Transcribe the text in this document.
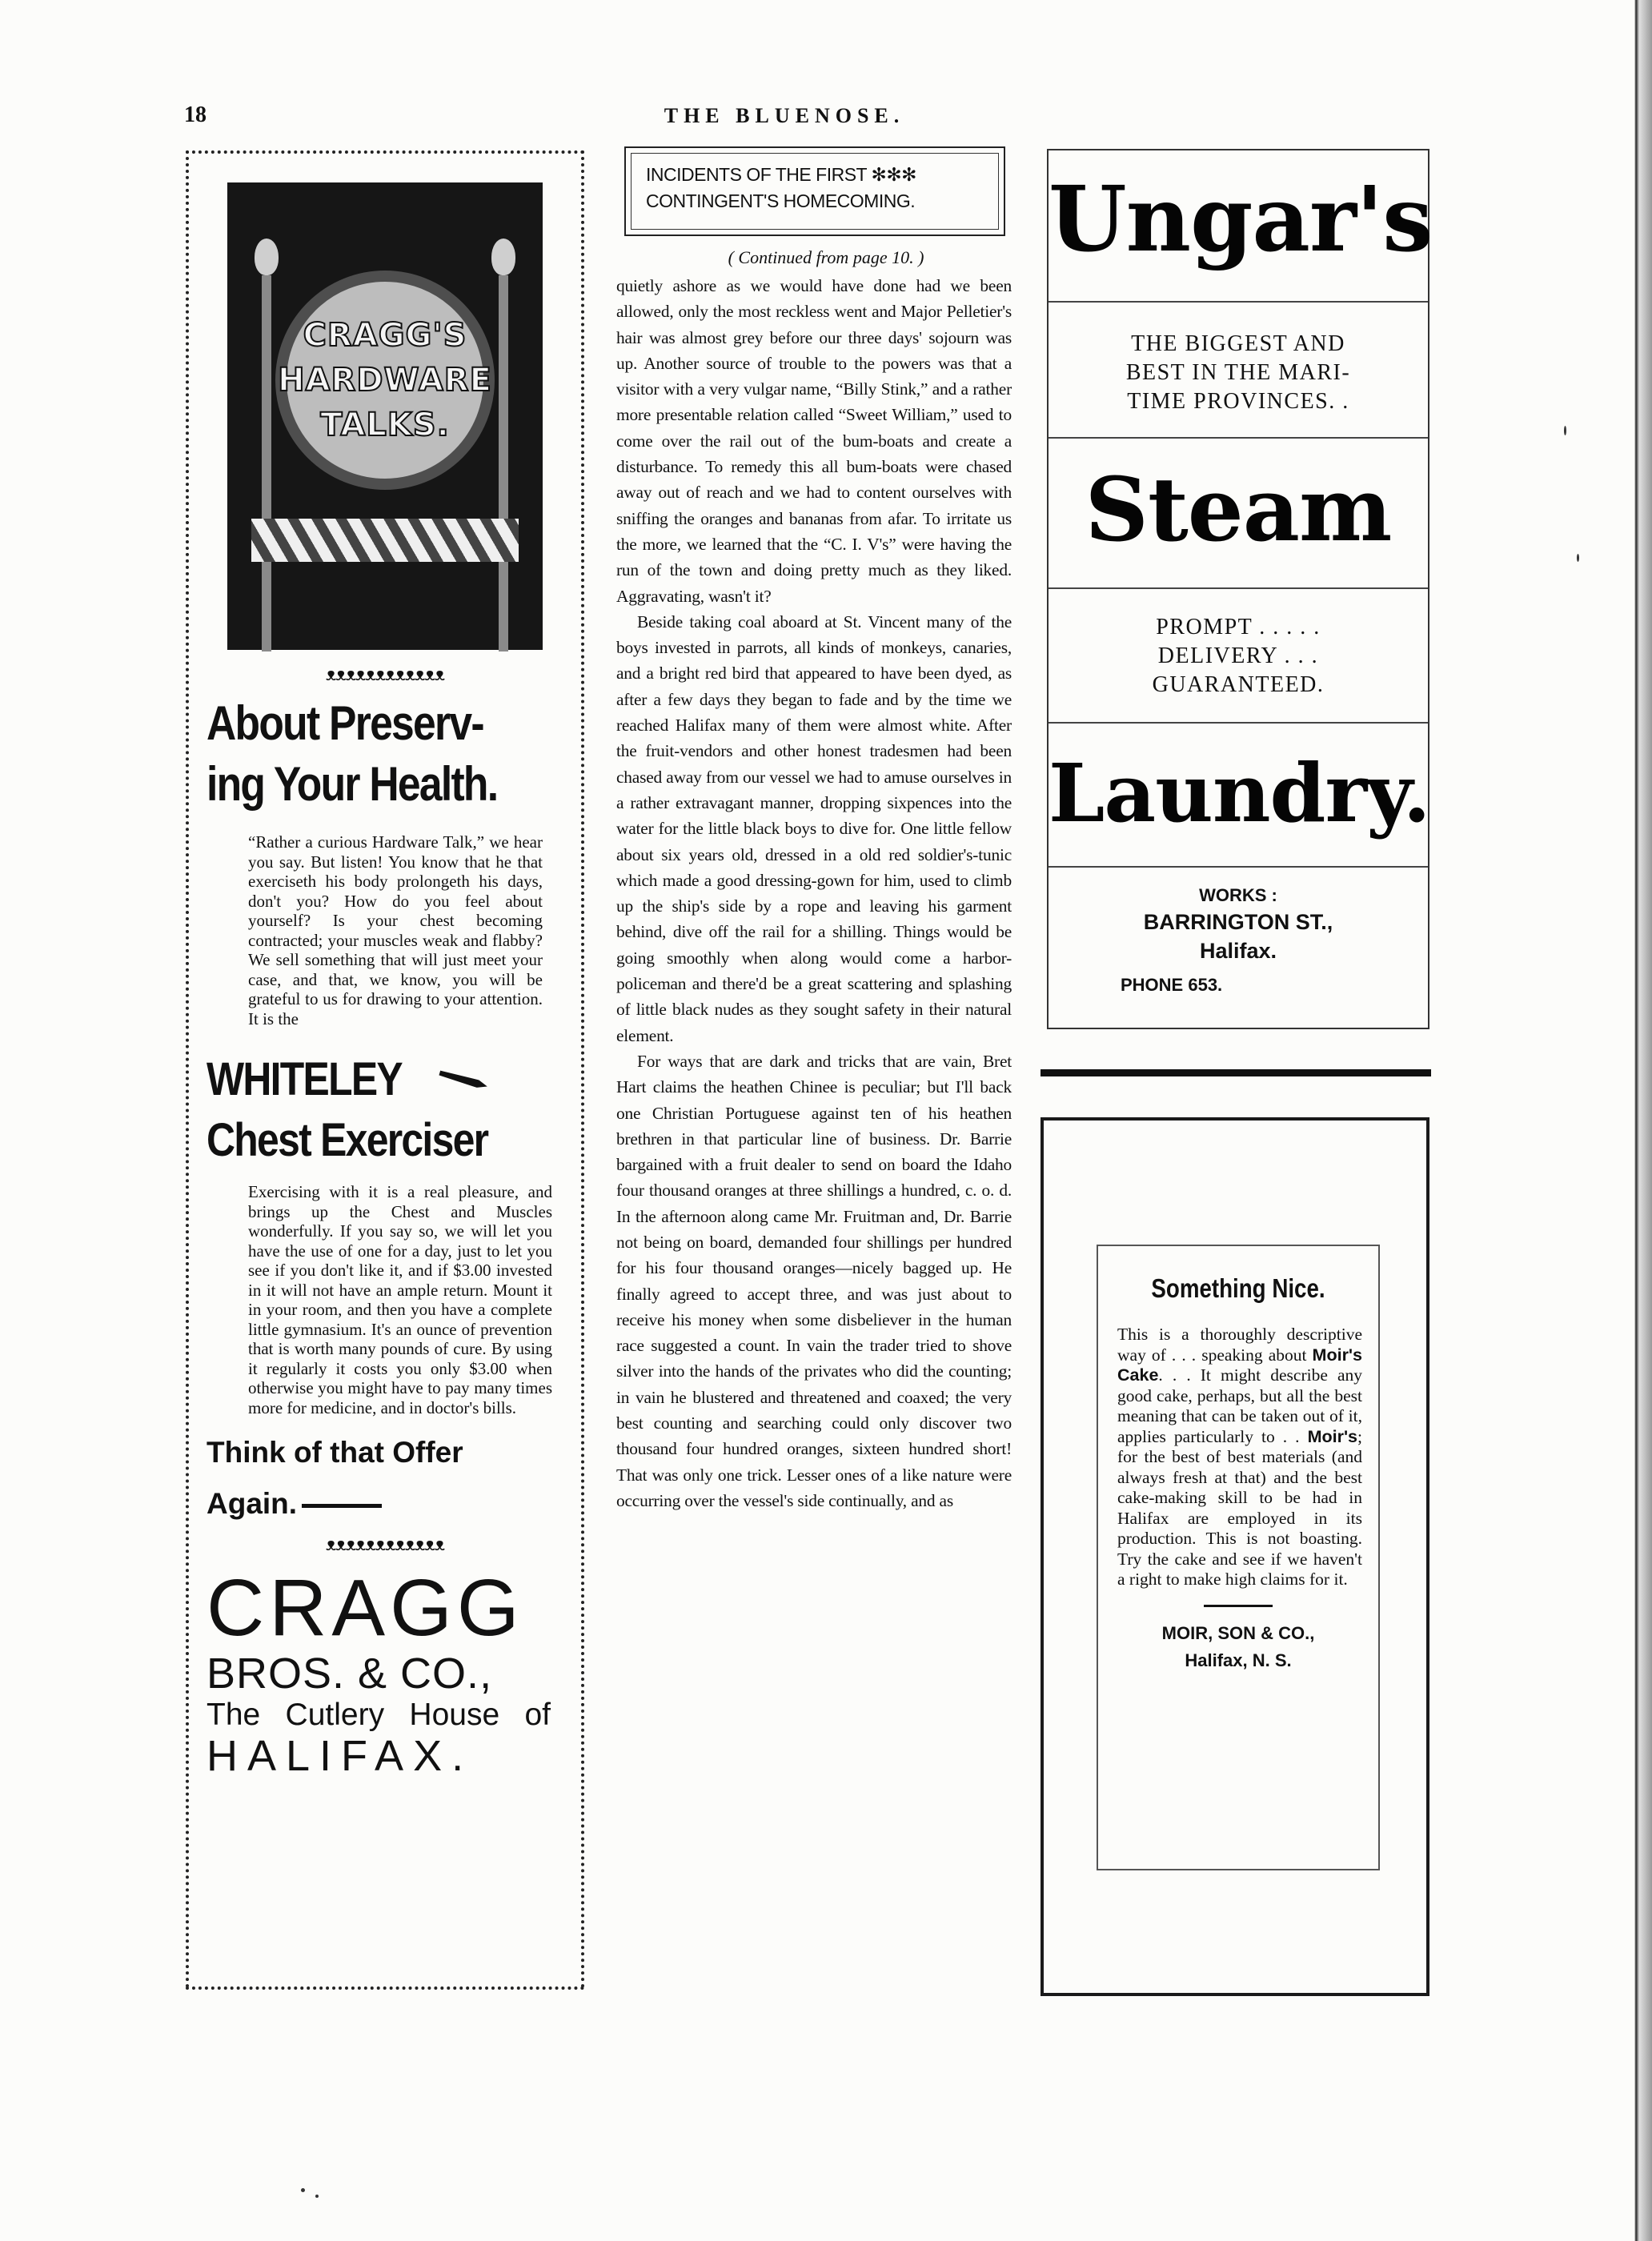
18	THE BLUENOSE.
CRAGG'S
HARDWARE
TALKS.
ᴥᴥᴥᴥᴥᴥᴥᴥᴥᴥᴥᴥ
About Preserv-
ing Your Health.

“Rather a curious Hardware Talk,” we hear you say. But listen! You know that he that exerciseth his body prolongeth his days, don't you? How do you feel about yourself? Is your chest becoming contracted; your muscles weak and flabby? We sell something that will just meet your case, and that, we know, you will be grateful to us for drawing to your attention. It is the

WHITELEY
Chest Exerciser

Exercising with it is a real pleasure, and brings up the Chest and Muscles wonderfully. If you say so, we will let you have the use of one for a day, just to let you see if you don't like it, and if $3.00 invested in it will not have an ample return. Mount it in your room, and then you have a complete little gymnasium. It's an ounce of prevention that is worth many pounds of cure. By using it regularly it costs you only $3.00 when otherwise you might have to pay many times more for medicine, and in doctor's bills.

Think of that Offer
Again.
ᴥᴥᴥᴥᴥᴥᴥᴥᴥᴥᴥᴥ
CRAGG
BROS. & CO.,
The Cutlery House of
HALIFAX.
INCIDENTS OF THE FIRST ✻✻✻
CONTINGENT'S HOMECOMING.
( Continued from page 10. )

quietly ashore as we would have done had we been allowed, only the most reckless went and Major Pelletier's hair was almost grey before our three days' sojourn was up. Another source of trouble to the powers was that a visitor with a very vulgar name, “Billy Stink,” and a rather more presentable relation called “Sweet William,” used to come over the rail out of the bum-boats and create a disturbance. To remedy this all bum-boats were chased away out of reach and we had to content ourselves with sniffing the oranges and bananas from afar. To irritate us the more, we learned that the “C. I. V's” were having the run of the town and doing pretty much as they liked. Aggravating, wasn't it?

Beside taking coal aboard at St. Vincent many of the boys invested in parrots, all kinds of monkeys, canaries, and a bright red bird that appeared to have been dyed, as after a few days they began to fade and by the time we reached Halifax many of them were almost white. After the fruit-vendors and other honest tradesmen had been chased away from our vessel we had to amuse ourselves in a rather extravagant manner, dropping sixpences into the water for the little black boys to dive for. One little fellow about six years old, dressed in a old red soldier's-tunic which made a good dressing-gown for him, used to climb up the ship's side by a rope and leaving his garment behind, dive off the rail for a shilling. Things would be going smoothly when along would come a harbor-policeman and there'd be a great scattering and splashing of little black nudes as they sought safety in their natural element.

For ways that are dark and tricks that are vain, Bret Hart claims the heathen Chinee is peculiar; but I'll back one Christian Portuguese against ten of his heathen brethren in that particular line of business. Dr. Barrie bargained with a fruit dealer to send on board the Idaho four thousand oranges at three shillings a hundred, c. o. d. In the afternoon along came Mr. Fruitman and, Dr. Barrie not being on board, demanded four shillings per hundred for his four thousand oranges—nicely bagged up. He finally agreed to accept three, and was just about to receive his money when some disbeliever in the human race suggested a count. In vain the trader tried to shove silver into the hands of the privates who did the counting; in vain he blustered and threatened and coaxed; the very best counting and searching could only discover two thousand four hundred oranges, sixteen hundred short! That was only one trick. Lesser ones of a like nature were occurring over the vessel's side continually, and as

Ungar's
THE BIGGEST AND
BEST IN THE MARI-
TIME PROVINCES. .
Steam
PROMPT . . . . .
DELIVERY . . .
GUARANTEED.
Laundry.
WORKS :
BARRINGTON ST.,
Halifax.
PHONE 653.
Something Nice.

This is a thoroughly descriptive way of . . . speaking about Moir's Cake. . . It might describe any good cake, perhaps, but all the best meaning that can be taken out of it, applies particularly to . . Moir's; for the best of best materials (and always fresh at that) and the best cake-making skill to be had in Halifax are employed in its production. This is not boasting. Try the cake and see if we haven't a right to make high claims for it.

MOIR, SON & CO.,
Halifax, N. S.
